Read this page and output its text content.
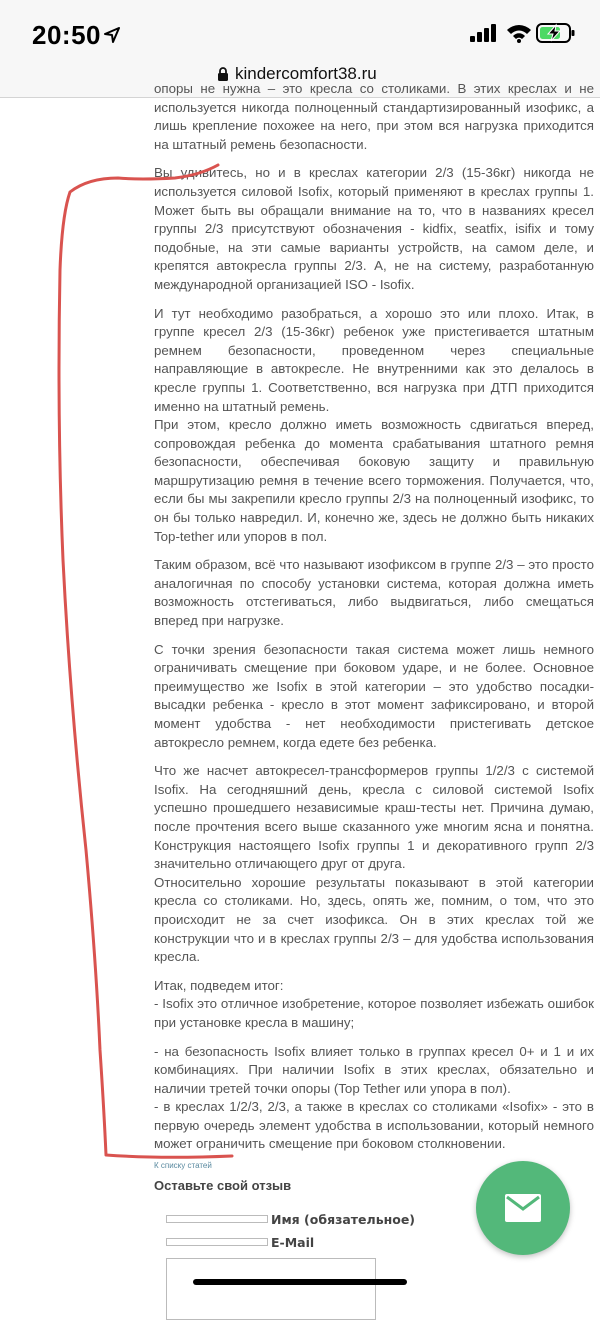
20:50
kindercomfort38.ru

опоры не нужна – это кресла со столиками. В этих креслах и не используется никогда полноценный стандартизированный изофикс, а лишь крепление похожее на него, при этом вся нагрузка приходится на штатный ремень безопасности.

Вы удивитесь, но и в креслах категории 2/3 (15-36кг) никогда не используется силовой Isofix, который применяют в креслах группы 1. Может быть вы обращали внимание на то, что в названиях кресел группы 2/3 присутствуют обозначения - kidfix, seatfix, isifix и тому подобные, на эти самые варианты устройств, на самом деле, и крепятся автокресла группы 2/3. А, не на систему, разработанную международной организацией ISO - Isofix.

И тут необходимо разобраться, а хорошо это или плохо. Итак, в группе кресел 2/3 (15-36кг) ребенок уже пристегивается штатным ремнем безопасности, проведенном через специальные направляющие в автокресле. Не внутренними как это делалось в кресле группы 1. Соответственно, вся нагрузка при ДТП приходится именно на штатный ремень.

При этом, кресло должно иметь возможность сдвигаться вперед, сопровождая ребенка до момента срабатывания штатного ремня безопасности, обеспечивая боковую защиту и правильную маршрутизацию ремня в течение всего торможения. Получается, что, если бы мы закрепили кресло группы 2/3 на полноценный изофикс, то он бы только навредил. И, конечно же, здесь не должно быть никаких Top-tether или упоров в пол.

Таким образом, всё что называют изофиксом в группе 2/3 – это просто аналогичная по способу установки система, которая должна иметь возможность отстегиваться, либо выдвигаться, либо смещаться вперед при нагрузке.

С точки зрения безопасности такая система может лишь немного ограничивать смещение при боковом ударе, и не более. Основное преимущество же Isofix в этой категории – это удобство посадки-высадки ребенка - кресло в этот момент зафиксировано, и второй момент удобства - нет необходимости пристегивать детское автокресло ремнем, когда едете без ребенка.

Что же насчет автокресел-трансформеров группы 1/2/3 с системой Isofix. На сегодняшний день, кресла с силовой системой Isofix успешно прошедшего независимые краш-тесты нет. Причина думаю, после прочтения всего выше сказанного уже многим ясна и понятна. Конструкция настоящего Isofix группы 1 и декоративного групп 2/3 значительно отличающего друг от друга.

Относительно хорошие результаты показывают в этой категории кресла со столиками. Но, здесь, опять же, помним, о том, что это происходит не за счет изофикса. Он в этих креслах той же конструкции что и в креслах группы 2/3 – для удобства использования кресла.

Итак, подведем итог:

- Isofix это отличное изобретение, которое позволяет избежать ошибок при установке кресла в машину;

- на безопасность Isofix влияет только в группах кресел 0+ и 1 и их комбинациях. При наличии Isofix в этих креслах, обязательно и наличии третей точки опоры (Top Tether или упора в пол).

- в креслах 1/2/3, 2/3, а также в креслах со столиками «Isofix» - это в первую очередь элемент удобства в использовании, который немного может ограничить смещение при боковом столкновении.

К списку статей
Оставьте свой отзыв
Имя (обязательное)
E-Mail
